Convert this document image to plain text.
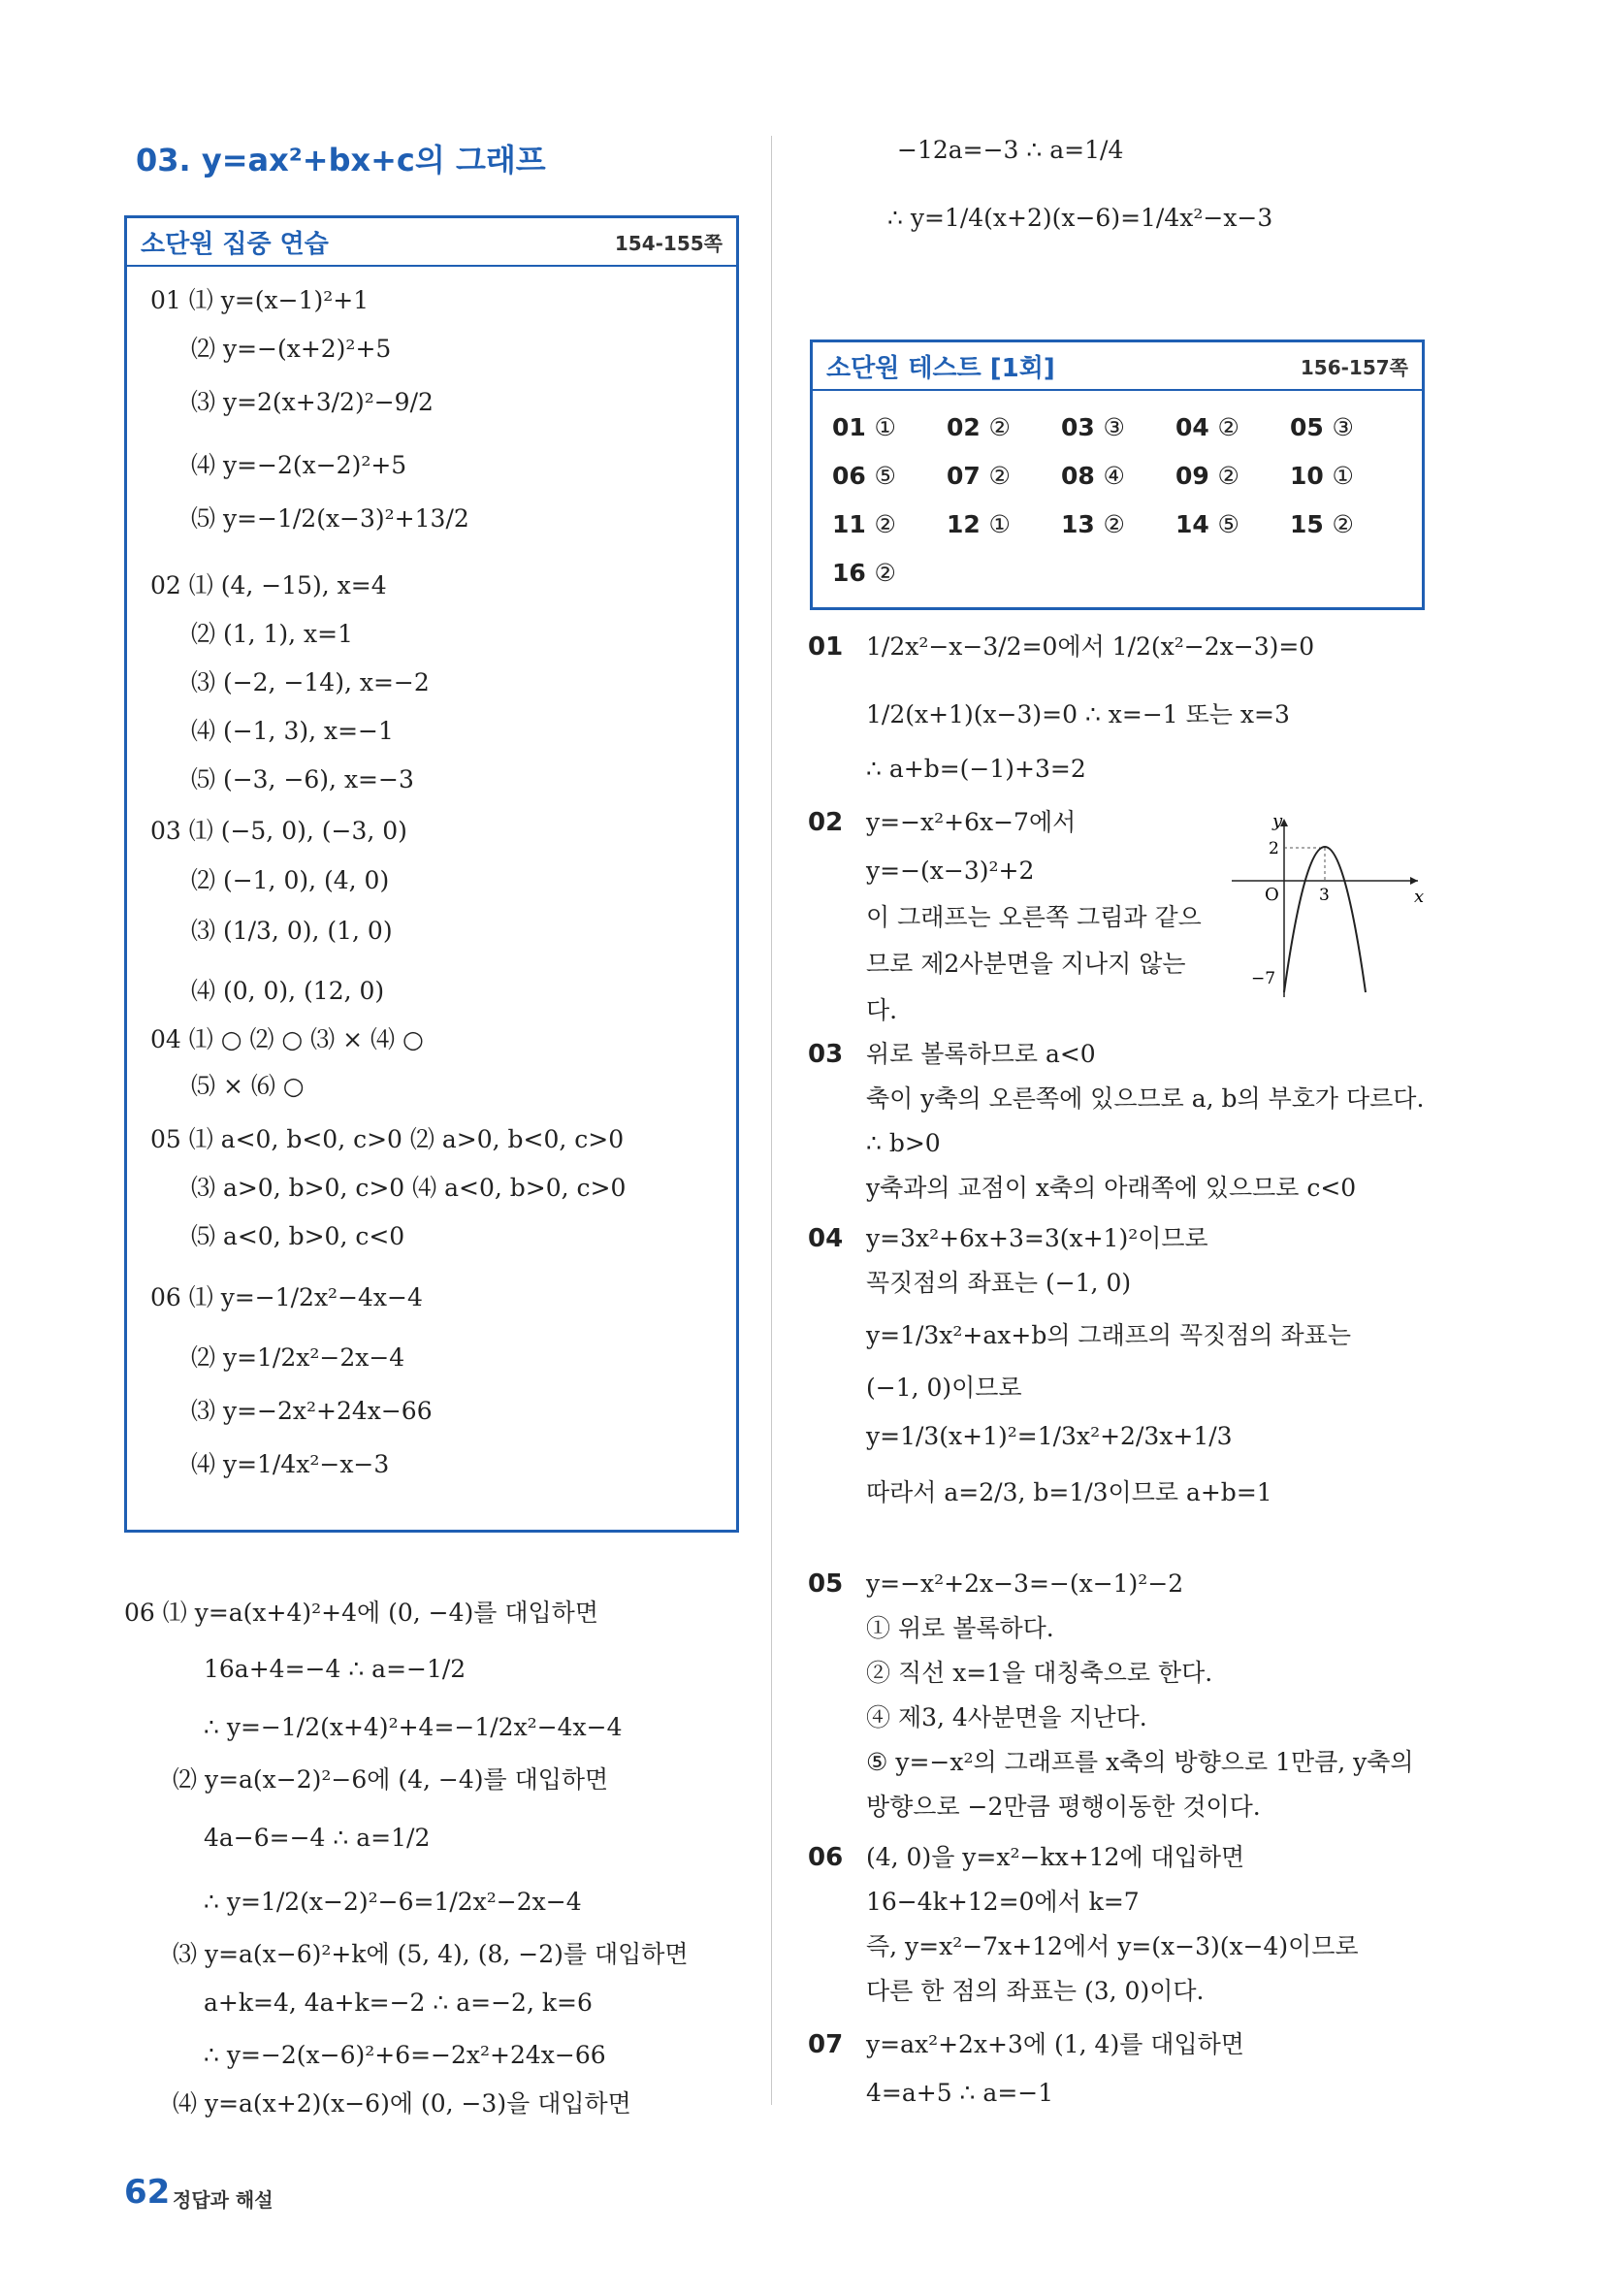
03. y=ax²+bx+c의 그래프
소단원 집중 연습	154-155쪽
01 ⑴ y=(x−1)²+1
⑵ y=−(x+2)²+5
⑶ y=2(x+3/2)²−9/2
⑷ y=−2(x−2)²+5
⑸ y=−1/2(x−3)²+13/2
02 ⑴ (4, −15), x=4
⑵ (1, 1), x=1
⑶ (−2, −14), x=−2
⑷ (−1, 3), x=−1
⑸ (−3, −6), x=−3
03 ⑴ (−5, 0), (−3, 0)
⑵ (−1, 0), (4, 0)
⑶ (1/3, 0), (1, 0)
⑷ (0, 0), (12, 0)
04 ⑴ ○ ⑵ ○ ⑶ × ⑷ ○
⑸ × ⑹ ○
05 ⑴ a<0, b<0, c>0 ⑵ a>0, b<0, c>0
⑶ a>0, b>0, c>0 ⑷ a<0, b>0, c>0
⑸ a<0, b>0, c<0
06 ⑴ y=−1/2x²−4x−4
⑵ y=1/2x²−2x−4
⑶ y=−2x²+24x−66
⑷ y=1/4x²−x−3
06 ⑴ y=a(x+4)²+4에 (0, −4)를 대입하면
16a+4=−4 ∴ a=−1/2
∴ y=−1/2(x+4)²+4=−1/2x²−4x−4
⑵ y=a(x−2)²−6에 (4, −4)를 대입하면
4a−6=−4 ∴ a=1/2
∴ y=1/2(x−2)²−6=1/2x²−2x−4
⑶ y=a(x−6)²+k에 (5, 4), (8, −2)를 대입하면
a+k=4, 4a+k=−2 ∴ a=−2, k=6
∴ y=−2(x−6)²+6=−2x²+24x−66
⑷ y=a(x+2)(x−6)에 (0, −3)을 대입하면
−12a=−3 ∴ a=1/4
∴ y=1/4(x+2)(x−6)=1/4x²−x−3
소단원 테스트 [1회]	156-157쪽
01 ①	02 ②	03 ③	04 ②	05 ③
06 ⑤	07 ②	08 ④	09 ②	10 ①
11 ②	12 ①	13 ②	14 ⑤	15 ②
16 ②
01 1/2x²−x−3/2=0에서 1/2(x²−2x−3)=0
1/2(x+1)(x−3)=0 ∴ x=−1 또는 x=3
∴ a+b=(−1)+3=2
02 y=−x²+6x−7에서
y=−(x−3)²+2
이 그래프는 오른쪽 그림과 같으
므로 제2사분면을 지나지 않는
다.
03 위로 볼록하므로 a<0
축이 y축의 오른쪽에 있으므로 a, b의 부호가 다르다.
∴ b>0
y축과의 교점이 x축의 아래쪽에 있으므로 c<0
04 y=3x²+6x+3=3(x+1)²이므로
꼭짓점의 좌표는 (−1, 0)
y=1/3x²+ax+b의 그래프의 꼭짓점의 좌표는
(−1, 0)이므로
y=1/3(x+1)²=1/3x²+2/3x+1/3
따라서 a=2/3, b=1/3이므로 a+b=1
05 y=−x²+2x−3=−(x−1)²−2
① 위로 볼록하다.
② 직선 x=1을 대칭축으로 한다.
④ 제3, 4사분면을 지난다.
⑤ y=−x²의 그래프를 x축의 방향으로 1만큼, y축의
방향으로 −2만큼 평행이동한 것이다.
06 (4, 0)을 y=x²−kx+12에 대입하면
16−4k+12=0에서 k=7
즉, y=x²−7x+12에서 y=(x−3)(x−4)이므로
다른 한 점의 좌표는 (3, 0)이다.
07 y=ax²+2x+3에 (1, 4)를 대입하면
4=a+5 ∴ a=−1
y
x
O
2
3
−7
62 정답과 해설
